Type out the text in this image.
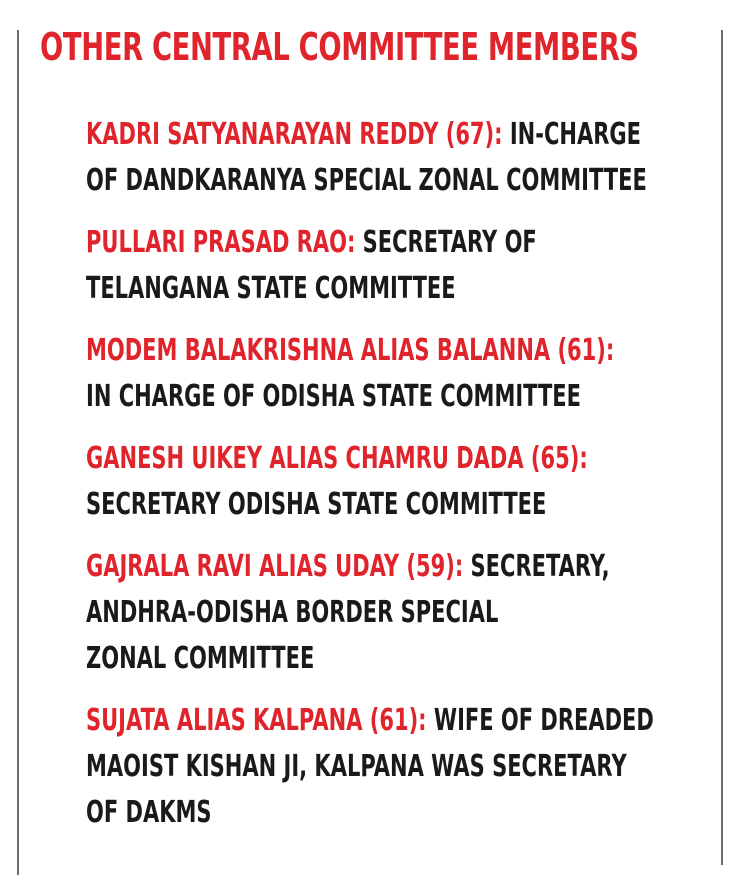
OTHER CENTRAL COMMITTEE MEMBERS
KADRI SATYANARAYAN REDDY (67): IN-CHARGE
OF DANDKARANYA SPECIAL ZONAL COMMITTEE
PULLARI PRASAD RAO: SECRETARY OF
TELANGANA STATE COMMITTEE
MODEM BALAKRISHNA ALIAS BALANNA (61):
IN CHARGE OF ODISHA STATE COMMITTEE
GANESH UIKEY ALIAS CHAMRU DADA (65):
SECRETARY ODISHA STATE COMMITTEE
GAJRALA RAVI ALIAS UDAY (59): SECRETARY,
ANDHRA-ODISHA BORDER SPECIAL
ZONAL COMMITTEE
SUJATA ALIAS KALPANA (61): WIFE OF DREADED
MAOIST KISHAN JI, KALPANA WAS SECRETARY
OF DAKMS
